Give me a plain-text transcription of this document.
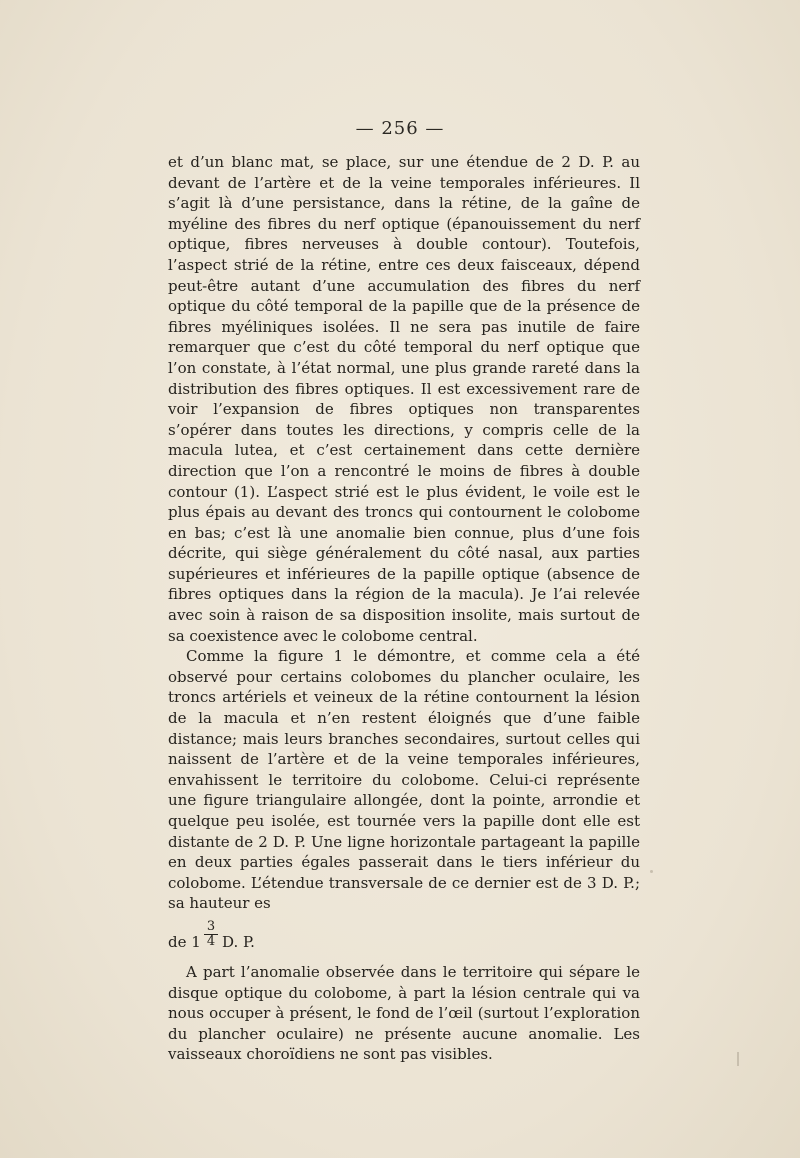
— 256 —

et d’un blanc mat, se place, sur une étendue de 2 D. P. au devant de l’artère et de la veine temporales inférieures. Il s’agit là d’une persistance, dans la rétine, de la gaîne de myéline des fibres du nerf optique (épanouissement du nerf optique, fibres nerveuses à double contour). Toutefois, l’aspect strié de la rétine, entre ces deux faisceaux, dépend peut-être autant d’une accumulation des fibres du nerf optique du côté temporal de la papille que de la présence de fibres myéliniques isolées. Il ne sera pas inutile de faire remarquer que c’est du côté temporal du nerf optique que l’on constate, à l’état normal, une plus grande rareté dans la distribution des fibres optiques. Il est excessivement rare de voir l’expansion de fibres optiques non transparentes s’opérer dans toutes les directions, y compris celle de la macula lutea, et c’est certainement dans cette dernière direction que l’on a rencontré le moins de fibres à double contour (1). L’aspect strié est le plus évident, le voile est le plus épais au devant des troncs qui contournent le colobome en bas; c’est là une anomalie bien connue, plus d’une fois décrite, qui siège généralement du côté nasal, aux parties supérieures et inférieures de la papille optique (absence de fibres optiques dans la région de la macula). Je l’ai relevée avec soin à raison de sa disposition insolite, mais surtout de sa coexistence avec le colobome central.

Comme la figure 1 le démontre, et comme cela a été observé pour certains colobomes du plancher oculaire, les troncs artériels et veineux de la rétine contournent la lésion de la macula et n’en restent éloignés que d’une faible distance; mais leurs branches secondaires, surtout celles qui naissent de l’artère et de la veine temporales inférieures, envahissent le territoire du colobome. Celui-ci représente une figure triangulaire allongée, dont la pointe, arrondie et quelque peu isolée, est tournée vers la papille dont elle est distante de 2 D. P. Une ligne horizontale partageant la papille en deux parties égales passerait dans le tiers inférieur du colobome. L’étendue transversale de ce dernier est de 3 D. P.; sa hauteur es

de $1 \frac{3}{4} D$. P.

A part l’anomalie observée dans le territoire qui sépare le disque optique du colobome, à part la lésion centrale qui va nous occuper à présent, le fond de l’œil (surtout l’exploration du plancher oculaire) ne présente aucune anomalie. Les vaisseaux choroïdiens ne sont pas visibles.
